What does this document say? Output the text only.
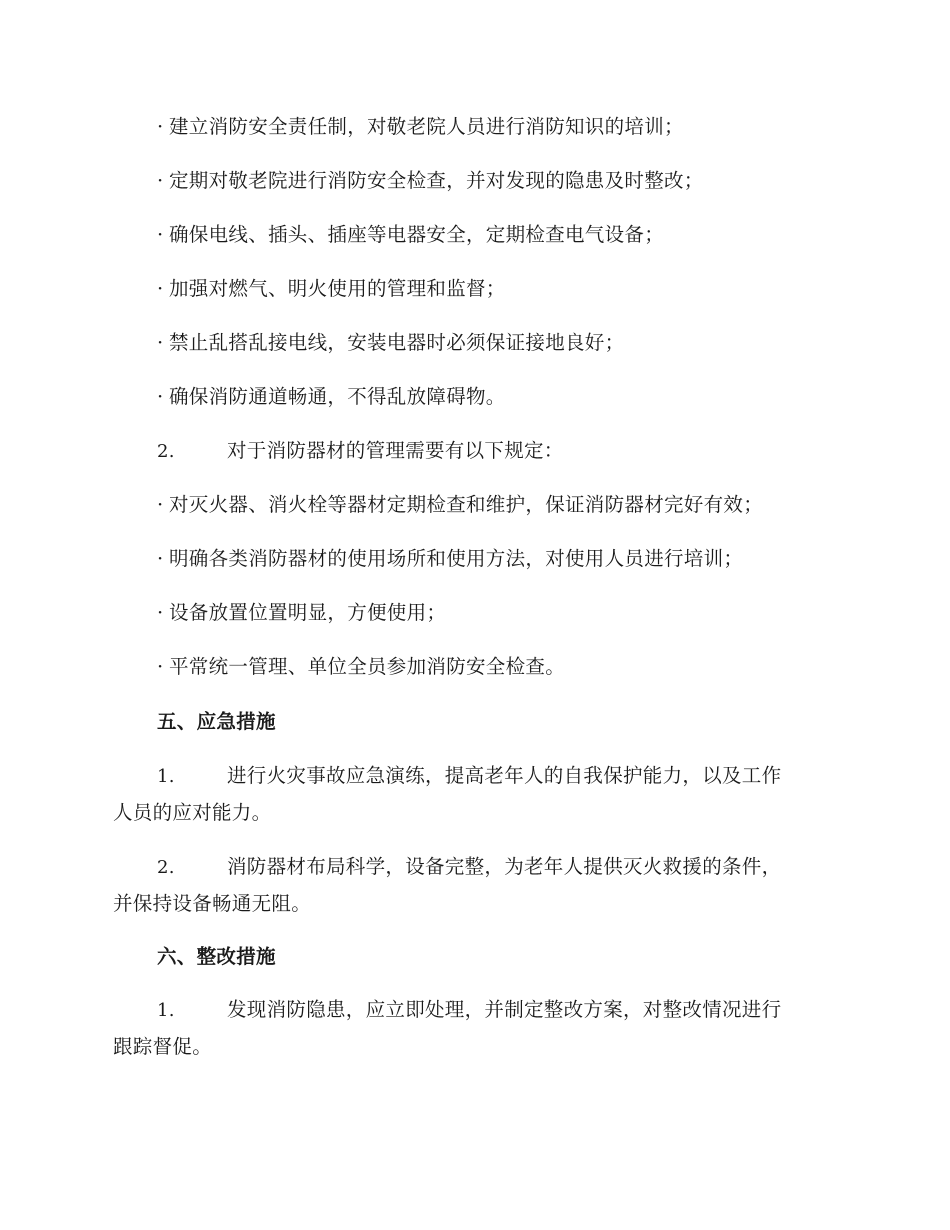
· 建立消防安全责任制，对敬老院人员进行消防知识的培训；
· 定期对敬老院进行消防安全检查，并对发现的隐患及时整改；
· 确保电线、插头、插座等电器安全，定期检查电气设备；
· 加强对燃气、明火使用的管理和监督；
· 禁止乱搭乱接电线，安装电器时必须保证接地良好；
· 确保消防通道畅通，不得乱放障碍物。
2.	对于消防器材的管理需要有以下规定：
· 对灭火器、消火栓等器材定期检查和维护，保证消防器材完好有效；
· 明确各类消防器材的使用场所和使用方法，对使用人员进行培训；
· 设备放置位置明显，方便使用；
· 平常统一管理、单位全员参加消防安全检查。
五、应急措施
1.	进行火灾事故应急演练，提高老年人的自我保护能力，以及工作
人员的应对能力。
2.	消防器材布局科学，设备完整，为老年人提供灭火救援的条件，
并保持设备畅通无阻。
六、整改措施
1.	发现消防隐患，应立即处理，并制定整改方案，对整改情况进行
跟踪督促。
